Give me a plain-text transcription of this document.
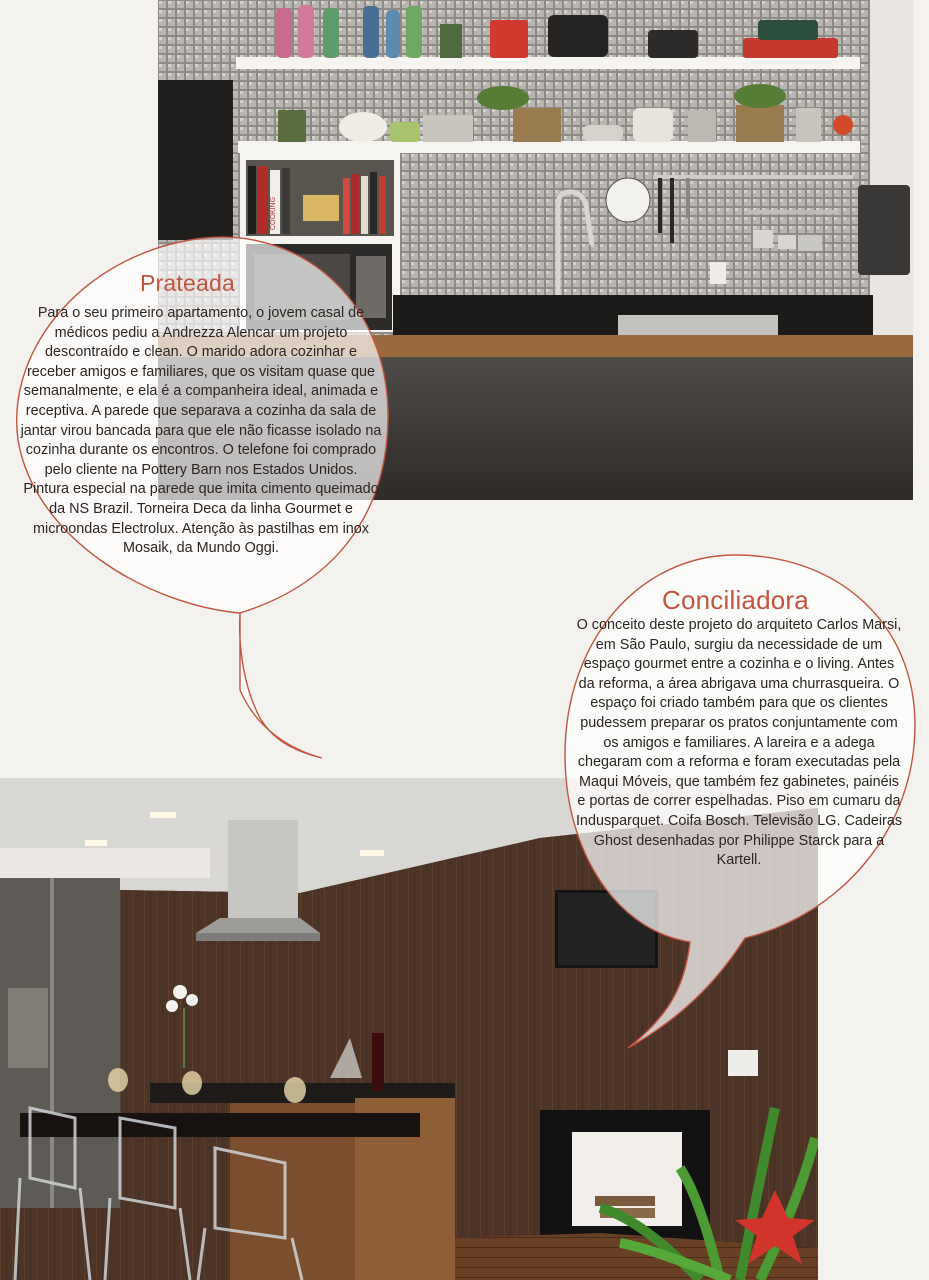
COOKING
Prateada

Para o seu primeiro apartamento, o jovem casal de médicos pediu a Andrezza Alencar um projeto descontraído e clean. O marido adora cozinhar e receber amigos e familiares, que os visitam quase que semanalmente, e ela é a companheira ideal, animada e receptiva. A parede que separava a cozinha da sala de jantar virou bancada para que ele não ficasse isolado na cozinha durante os encontros. O telefone foi comprado pelo cliente na Pottery Barn nos Estados Unidos. Pintura especial na parede que imita cimento queimado da NS Brazil. Torneira Deca da linha Gourmet e microondas Electrolux. Atenção às pastilhas em inox Mosaik, da Mundo Oggi.

Conciliadora

O conceito deste projeto do arquiteto Carlos Marsi, em São Paulo, surgiu da necessidade de um espaço gourmet entre a cozinha e o living. Antes da reforma, a área abrigava uma churrasqueira. O espaço foi criado também para que os clientes pudessem preparar os pratos conjuntamente com os amigos e familiares. A lareira e a adega chegaram com a reforma e foram executadas pela Maqui Móveis, que também fez gabinetes, painéis e portas de correr espelhadas. Piso em cumaru da Indusparquet. Coifa Bosch. Televisão LG. Cadeiras Ghost desenhadas por Philippe Starck para a Kartell.
